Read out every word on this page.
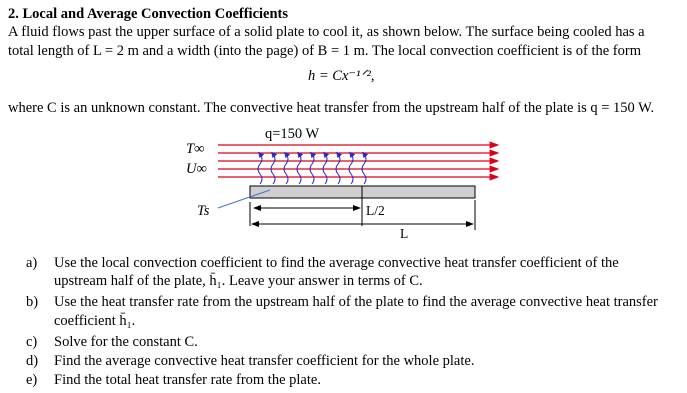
2. Local and Average Convection Coefficients
A fluid flows past the upper surface of a solid plate to cool it, as shown below. The surface being cooled has a
total length of L = 2 m and a width (into the page) of B = 1 m. The local convection coefficient is of the form
h = Cx⁻¹ᐟ²,
where C is an unknown constant. The convective heat transfer from the upstream half of the plate is q = 150 W.
q=150 W
T∞
U∞
Ts	L/2
L
a) Use the local convection coefficient to find the average convective heat transfer coefficient of the
upstream half of the plate, h̄₁. Leave your answer in terms of C.
b) Use the heat transfer rate from the upstream half of the plate to find the average convective heat transfer
coefficient h̄₁.
c) Solve for the constant C.
d) Find the average convective heat transfer coefficient for the whole plate.
e) Find the total heat transfer rate from the plate.
